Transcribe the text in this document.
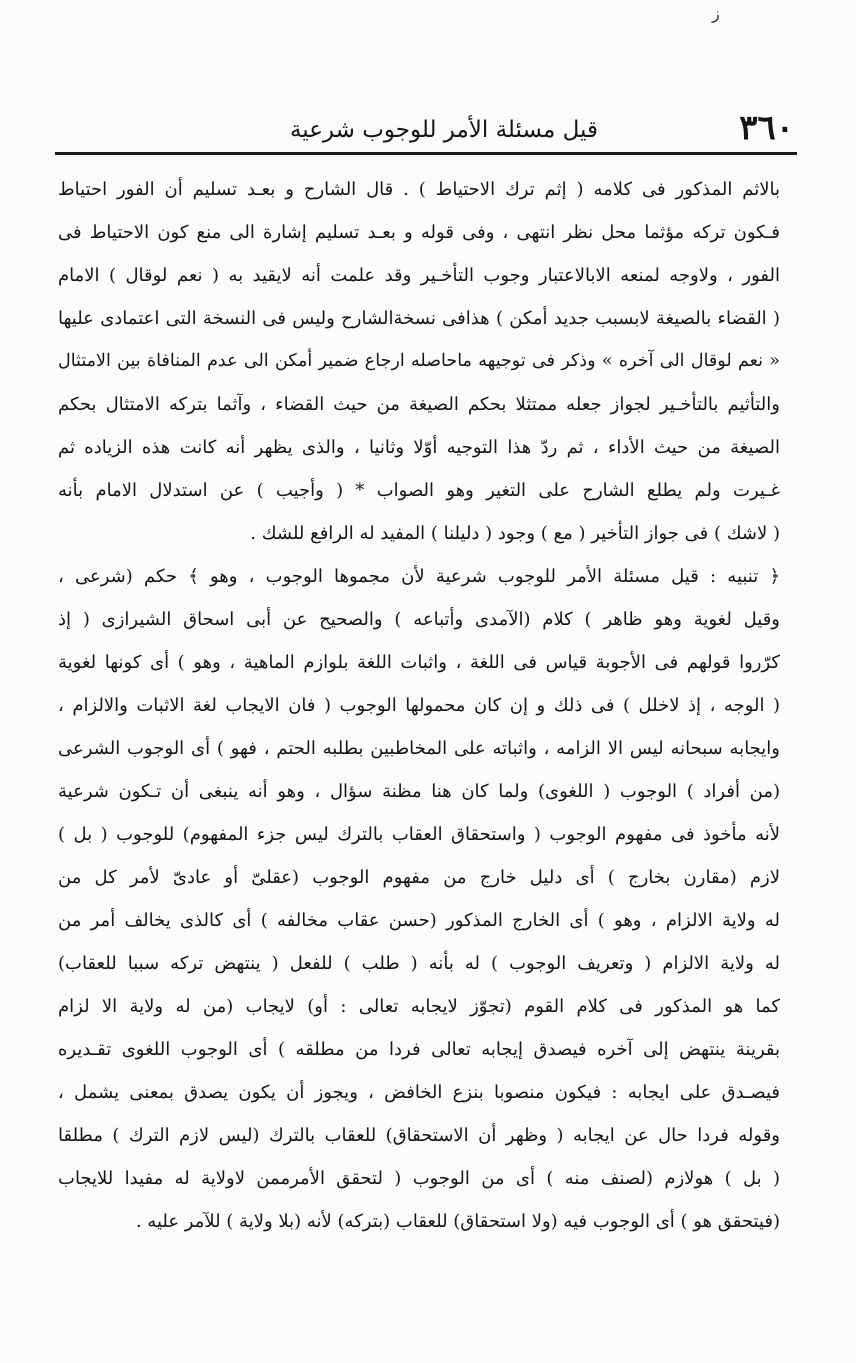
ز
٣٦٠
قيل مسئلة الأمر للوجوب شرعية
بالاثم المذكور فى كلامه ( إثم ترك الاحتياط ) . قال الشارح و بعـد تسليم أن الفور احتياط
فـكون تركه مؤثما محل نظر انتهى ، وفى قوله و بعـد تسليم إشارة الى منع كون الاحتياط فى
الفور ، ولاوجه لمنعه الابالاعتبار وجوب التأخـير وقد علمت أنه لايقيد به ( نعم لوقال ) الامام
( القضاء بالصيغة لابسبب جديد أمكن ) هذافى نسخةالشارح وليس فى النسخة التى اعتمادى عليها
« نعم لوقال الى آخره » وذكر فى توجيهه ماحاصله ارجاع ضمير أمكن الى عدم المنافاة بين الامتثال
والتأثيم بالتأخـير لجواز جعله ممتثلا بحكم الصيغة من حيث القضاء ، وآثما بتركه الامتثال بحكم
الصيغة من حيث الأداء ، ثم ردّ هذا التوجيه أوّلا وثانيا ، والذى يظهر أنه كانت هذه الزياده ثم
غـيرت ولم يطلع الشارح على التغير وهو الصواب * ( وأجيب ) عن استدلال الامام بأنه
( لاشك ) فى جواز التأخير ( مع ) وجود ( دليلنا ) المفيد له الرافع للشك .
﴿ تنبيه : قيل مسئلة الأمر للوجوب شرعية لأن مجموها الوجوب ، وهو ﴾ حكم (شرعى ،
وقيل لغوية وهو ظاهر ) كلام (الآمدى وأتباعه ) والصحيح عن أبى اسحاق الشيرازى ( إذ
كرّروا قولهم فى الأجوبة قياس فى اللغة ، واثبات اللغة بلوازم الماهية ، وهو ) أى كونها لغوية
( الوجه ، إذ لاخلل ) فى ذلك و إن كان محمولها الوجوب ( فان الايجاب لغة الاثبات والالزام ،
وايجابه سبحانه ليس الا الزامه ، واثباته على المخاطبين بطلبه الحتم ، فهو ) أى الوجوب الشرعى
(من أفراد ) الوجوب ( اللغوى) ولما كان هنا مظنة سؤال ، وهو أنه ينبغى أن تـكون شرعية
لأنه مأخوذ فى مفهوم الوجوب ( واستحقاق العقاب بالترك ليس جزء المفهوم) للوجوب ( بل )
لازم (مقارن بخارج ) أى دليل خارج من مفهوم الوجوب (عقلىّ أو عادىّ لأمر كل من
له ولاية الالزام ، وهو ) أى الخارج المذكور (حسن عقاب مخالفه ) أى كالذى يخالف أمر من
له ولاية الالزام ( وتعريف الوجوب ) له بأنه ( طلب ) للفعل ( ينتهض تركه سببا للعقاب)
كما هو المذكور فى كلام القوم (تجوّز لايجابه تعالى : أو) لايجاب (من له ولاية الا لزام
بقرينة ينتهض إلى آخره فيصدق إيجابه تعالى فردا من مطلقه ) أى الوجوب اللغوى تقـديره
فيصـدق على ايجابه : فيكون منصوبا بنزع الخافض ، ويجوز أن يكون يصدق بمعنى يشمل ،
وقوله فردا حال عن ايجابه ( وظهر أن الاستحقاق) للعقاب بالترك (ليس لازم الترك ) مطلقا
( بل ) هولازم (لصنف منه ) أى من الوجوب ( لتحقق الأمرممن لاولاية له مفيدا للايجاب
(فيتحقق هو ) أى الوجوب فيه (ولا استحقاق) للعقاب (بتركه) لأنه (بلا ولاية ) للآمر عليه .
